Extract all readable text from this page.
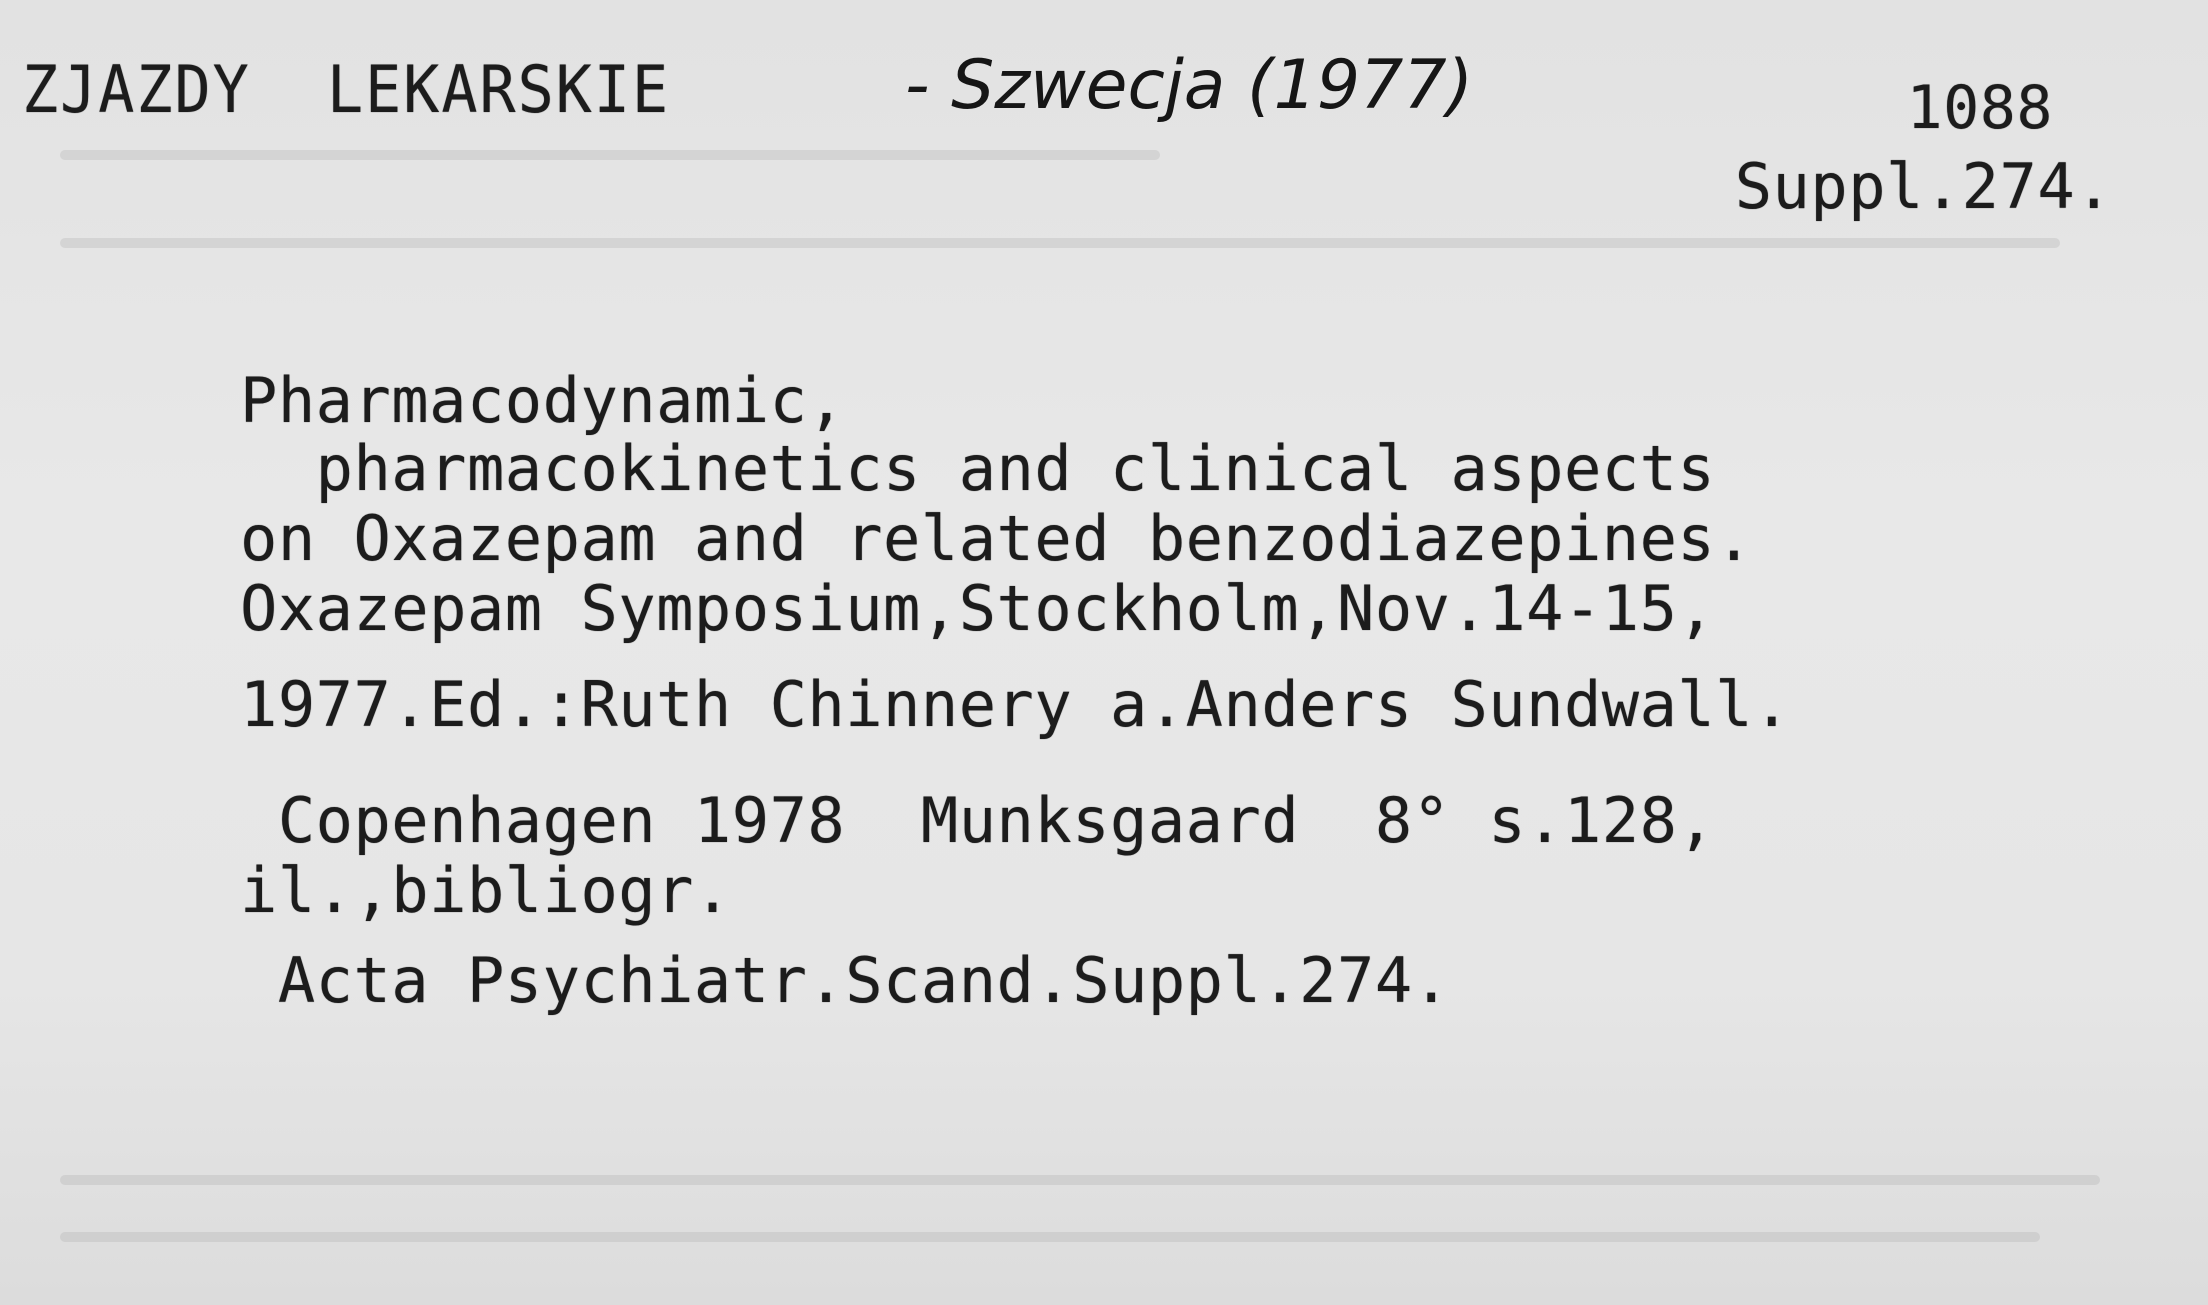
ZJAZDY  LEKARSKIE	- Szwecja (1977)	1088
Suppl.274.
Pharmacodynamic,
pharmacokinetics and clinical aspects
on Oxazepam and related benzodiazepines.
Oxazepam Symposium,Stockholm,Nov.14-15,
1977.Ed.:Ruth Chinnery a.Anders Sundwall.
Copenhagen 1978  Munksgaard  8° s.128,
il.,bibliogr.
Acta Psychiatr.Scand.Suppl.274.
